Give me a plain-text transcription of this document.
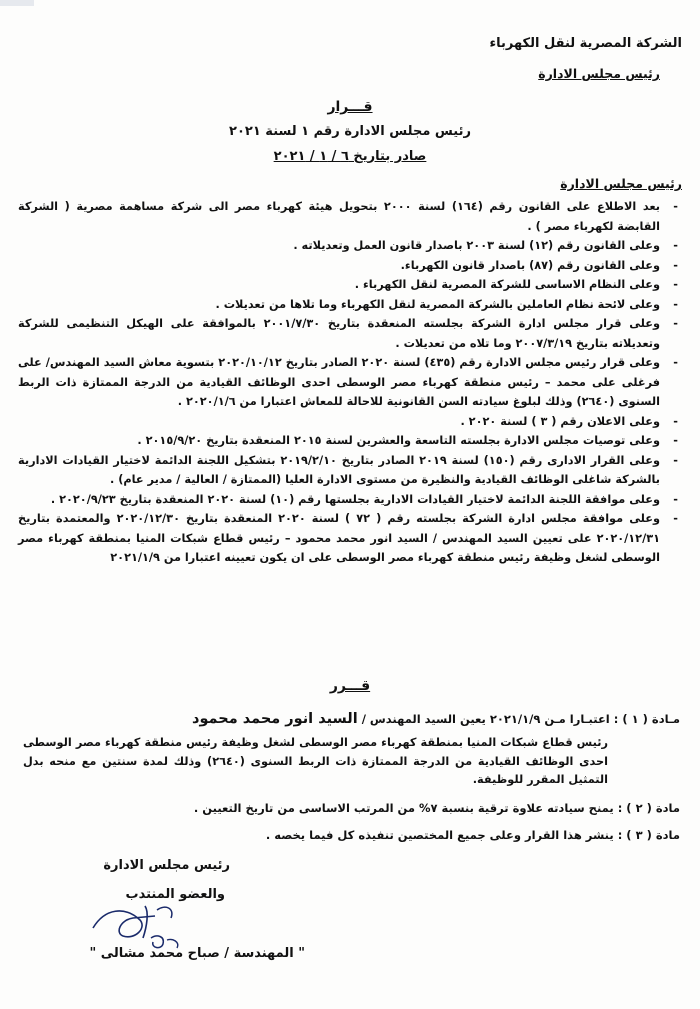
الشركة المصرية لنقل الكهرباء
رئيس مجلس الادارة
قـــرار
رئيس مجلس الادارة رقم ١ لسنة ٢٠٢١
صادر بتاريخ ٦ / ١ / ٢٠٢١
رئيس مجلس الادارة
-
بعد الاطلاع على القانون رقم (١٦٤) لسنة ٢٠٠٠ بتحويل هيئة كهرباء مصر الى شركة مساهمة مصرية ( الشركة القابضة لكهرباء مصر ) .
-
وعلى القانون رقم (١٢) لسنة ٢٠٠٣ باصدار قانون العمل وتعديلاته .
-
وعلى القانون رقم (٨٧) باصدار قانون الكهرباء.
-
وعلى النظام الاساسى للشركة المصرية لنقل الكهرباء .
-
وعلى لائحة نظام العاملين بالشركة المصرية لنقل الكهرباء وما تلاها من تعديلات .
-
وعلى قرار مجلس ادارة الشركة بجلسته المنعقدة بتاريخ ٢٠٠١/٧/٣٠ بالموافقة على الهيكل التنظيمى للشركة وتعديلاته بتاريخ ٢٠٠٧/٣/١٩ وما تلاه من تعديلات .
-
وعلى قرار رئيس مجلس الادارة رقم (٤٣٥) لسنة ٢٠٢٠ الصادر بتاريخ ٢٠٢٠/١٠/١٢ بتسوية معاش السيد المهندس/ على فرغلى على محمد – رئيس منطقة كهرباء مصر الوسطى احدى الوظائف القيادية من الدرجة الممتازة ذات الربط السنوى (٢٦٤٠) وذلك لبلوغ سيادته السن القانونية للاحالة للمعاش اعتبارا من ٢٠٢٠/١/٦ .
-
وعلى الاعلان رقم ( ٣ ) لسنة ٢٠٢٠ .
-
وعلى توصيات مجلس الادارة بجلسته التاسعة والعشرين لسنة ٢٠١٥ المنعقدة بتاريخ ٢٠١٥/٩/٢٠ .
-
وعلى القرار الادارى رقم (١٥٠) لسنة ٢٠١٩ الصادر بتاريخ ٢٠١٩/٢/١٠ بتشكيل اللجنة الدائمة لاختيار القيادات الادارية بالشركة شاغلى الوظائف القيادية والنظيرة من مستوى الادارة العليا (الممتازة / العالية / مدير عام) .
-
وعلى موافقة اللجنة الدائمة لاختيار القيادات الادارية بجلستها رقم (١٠) لسنة ٢٠٢٠ المنعقدة بتاريخ ٢٠٢٠/٩/٢٣ .
-
وعلى موافقة مجلس ادارة الشركة بجلسته رقم ( ٧٢ ) لسنة ٢٠٢٠ المنعقدة بتاريخ ٢٠٢٠/١٢/٣٠ والمعتمدة بتاريخ ٢٠٢٠/١٢/٣١ على تعيين السيد المهندس / السيد انور محمد محمود – رئيس قطاع شبكات المنيا بمنطقة كهرباء مصر الوسطى لشغل وظيفة رئيس منطقة كهرباء مصر الوسطى على ان يكون تعيينه اعتبارا من ٢٠٢١/١/٩
قـــرر
مـادة ( ١ ) : اعتبـارا مـن ٢٠٢١/١/٩ يعين السيد المهندس / السيد انور محمد محمود
رئيس قطاع شبكات المنيا بمنطقة كهرباء مصر الوسطى لشغل وظيفة رئيس منطقة كهرباء مصر الوسطى احدى الوظائف القيادية من الدرجة الممتازة ذات الربط السنوى (٢٦٤٠) وذلك لمدة سنتين مع منحه بدل التمثيل المقرر للوظيفة.
مادة ( ٢ ) : يمنح سيادته علاوة ترقية بنسبة ٧% من المرتب الاساسى من تاريخ التعيين .
مادة ( ٣ ) : ينشر هذا القرار وعلى جميع المختصين تنفيذه كل فيما يخصه .
رئيس مجلس الادارة
والعضو المنتدب
" المهندسة / صباح محمد مشالى "
